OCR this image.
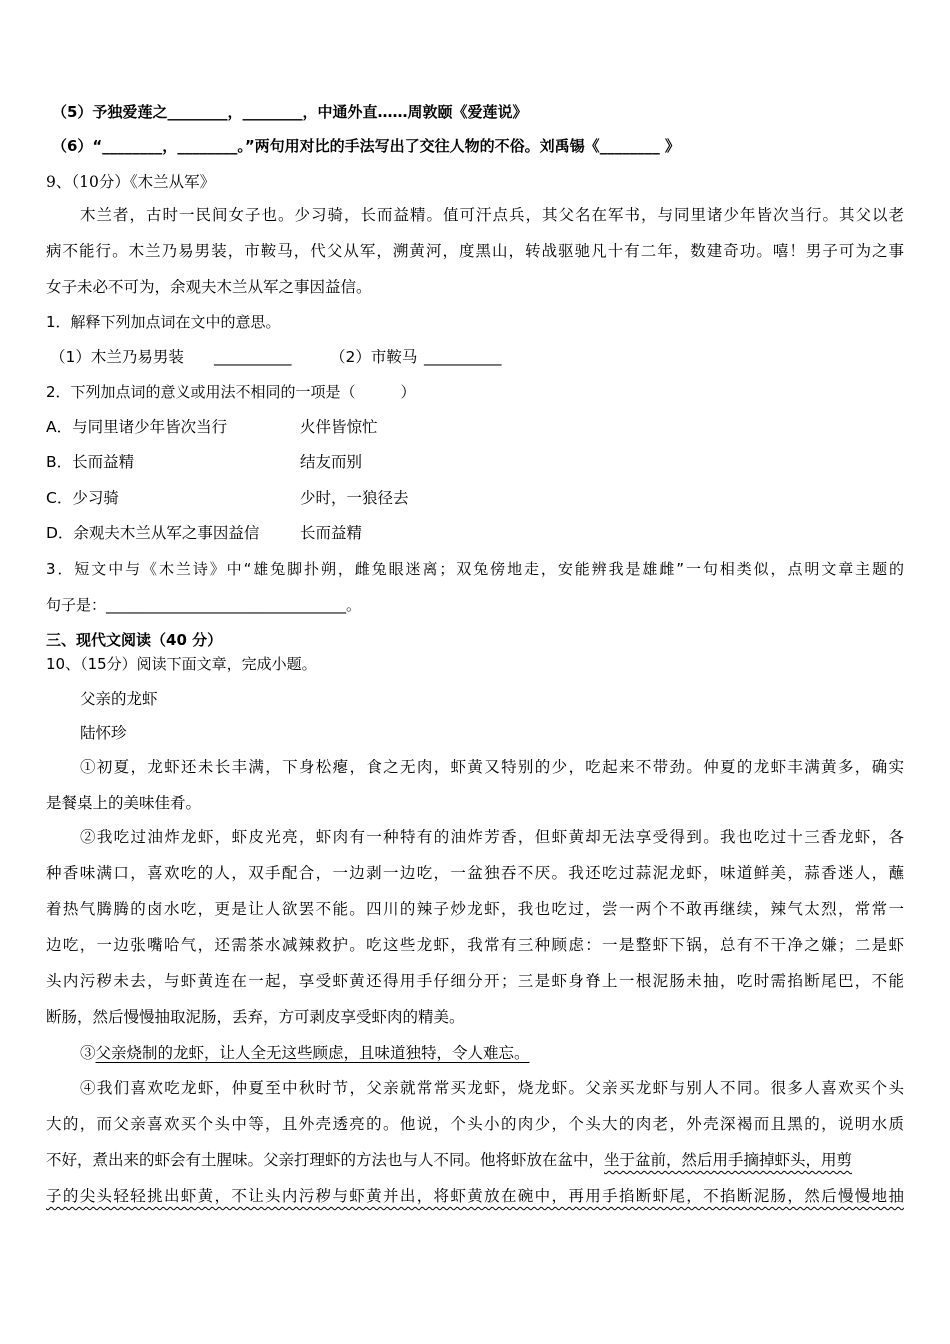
（5）予独爱莲之________，________，中通外直……周敦颐《爱莲说》
（6）“________，________。”两句用对比的手法写出了交往人物的不俗。刘禹锡《________ 》
9、（10分）《木兰从军》
木兰者，古时一民间女子也。少习骑，长而益精。值可汗点兵，其父名在军书，与同里诸少年皆次当行。其父以老
病不能行。木兰乃易男装，市鞍马，代父从军，溯黄河，度黑山，转战驱驰凡十有二年，数建奇功。嘻！男子可为之事
女子未必不可为，余观夫木兰从军之事因益信。
1．解释下列加点词在文中的意思。
（1）木兰乃易男装 __________ （2）市鞍马 __________
2．下列加点词的意义或用法不相同的一项是（　　　）
A．与同里诸少年皆次当行	火伴皆惊忙
B．长而益精	结友而别
C．少习骑	少时，一狼径去
D．余观夫木兰从军之事因益信	长而益精
3．短文中与《木兰诗》中“雄兔脚扑朔，雌兔眼迷离；双兔傍地走，安能辨我是雄雌”一句相类似，点明文章主题的
句子是：________________________________。
三、现代文阅读（40 分）
10、（15分）阅读下面文章，完成小题。
父亲的龙虾
陆怀珍
①初夏，龙虾还未长丰满，下身松瘪，食之无肉，虾黄又特别的少，吃起来不带劲。仲夏的龙虾丰满黄多，确实
是餐桌上的美味佳肴。
②我吃过油炸龙虾，虾皮光亮，虾肉有一种特有的油炸芳香，但虾黄却无法享受得到。我也吃过十三香龙虾，各
种香味满口，喜欢吃的人，双手配合，一边剥一边吃，一盆独吞不厌。我还吃过蒜泥龙虾，味道鲜美，蒜香迷人，蘸
着热气腾腾的卤水吃，更是让人欲罢不能。四川的辣子炒龙虾，我也吃过，尝一两个不敢再继续，辣气太烈，常常一
边吃，一边张嘴哈气，还需茶水减辣救护。吃这些龙虾，我常有三种顾虑：一是整虾下锅，总有不干净之嫌；二是虾
头内污秽未去，与虾黄连在一起，享受虾黄还得用手仔细分开；三是虾身脊上一根泥肠未抽，吃时需掐断尾巴，不能
断肠，然后慢慢抽取泥肠，丢弃，方可剥皮享受虾肉的精美。
③父亲烧制的龙虾，让人全无这些顾虑，且味道独特，令人难忘。
④我们喜欢吃龙虾，仲夏至中秋时节，父亲就常常买龙虾，烧龙虾。父亲买龙虾与别人不同。很多人喜欢买个头
大的，而父亲喜欢买个头中等，且外壳透亮的。他说，个头小的肉少，个头大的肉老，外壳深褐而且黑的，说明水质
不好，煮出来的虾会有土腥味。父亲打理虾的方法也与人不同。他将虾放在盆中，坐于盆前，然后用手摘掉虾头，用剪
子的尖头轻轻挑出虾黄，不让头内污秽与虾黄并出，将虾黄放在碗中，再用手掐断虾尾，不掐断泥肠，然后慢慢地抽
